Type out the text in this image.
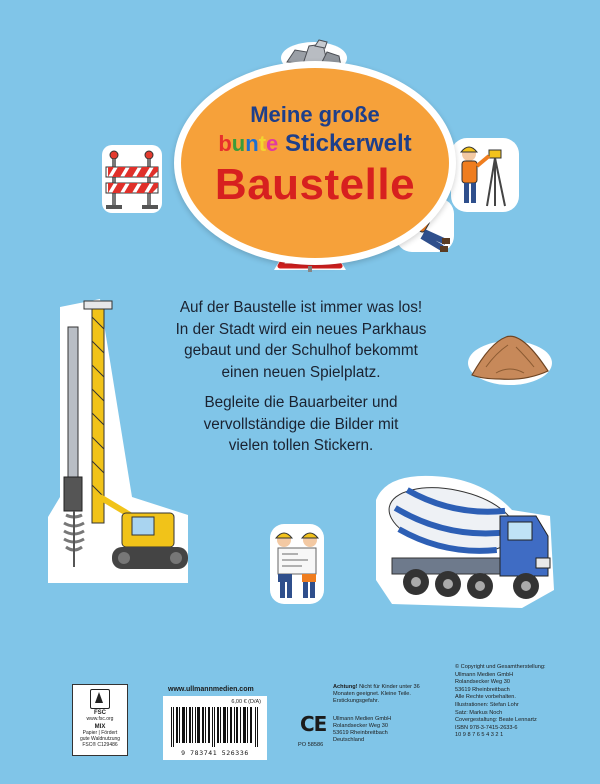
Meine große
bunte Stickerwelt
Baustelle

Auf der Baustelle ist immer was los!

In der Stadt wird ein neues Parkhaus

gebaut und der Schulhof bekommt

einen neuen Spielplatz.

Begleite die Bauarbeiter und

vervollständige die Bilder mit

vielen tollen Stickern.

FSC
www.fsc.org
MIX
Papier | Fördert
gute Waldnutzung
FSC® C129486
www.ullmannmedien.com
6,00 € (D/A)
9 783741 526336
Achtung! Nicht für Kinder unter 36 Monaten geeignet. Kleine Teile. Erstickungsgefahr.
CE
PO 58586
Ullmann Medien GmbH
Rolandsecker Weg 30
53619 Rheinbreitbach
Deutschland
© Copyright und Gesamtherstellung:
Ullmann Medien GmbH
Rolandsecker Weg 30
53619 Rheinbreitbach
Alle Rechte vorbehalten.
Illustrationen: Stefan Lohr
Satz: Markus Noch
Covergestaltung: Beate Lennartz
ISBN 978-3-7415-2633-6
10 9 8 7 6 5 4 3 2 1
